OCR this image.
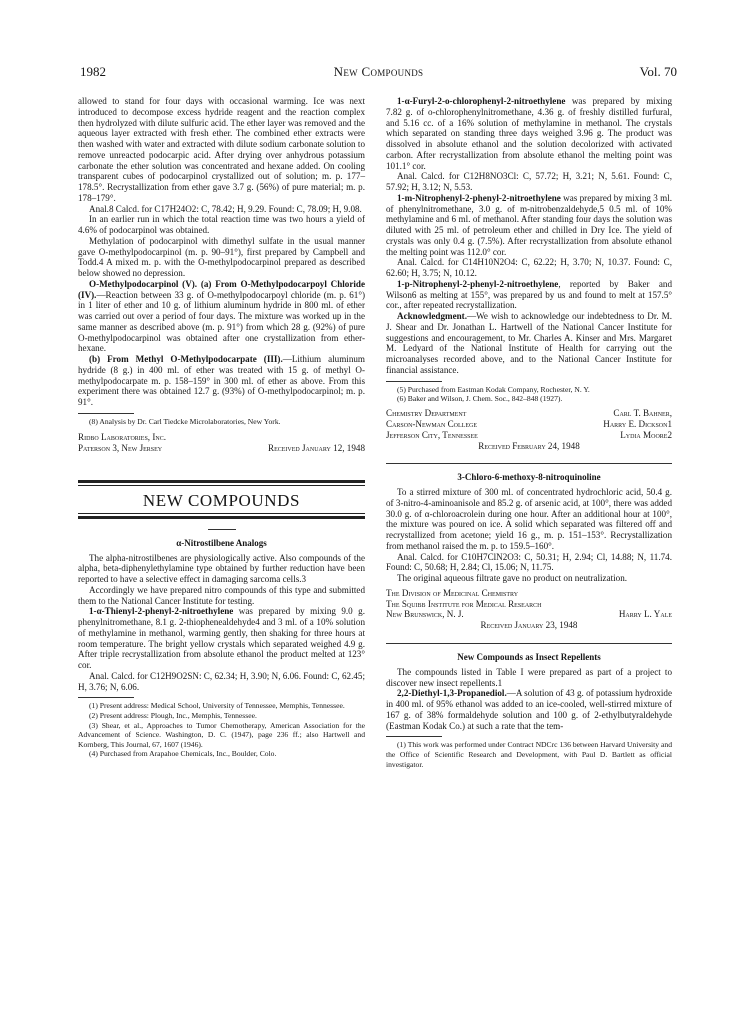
1982	New Compounds	Vol. 70

allowed to stand for four days with occasional warming. Ice was next introduced to decompose excess hydride reagent and the reaction complex then hydrolyzed with dilute sulfuric acid. The ether layer was removed and the aqueous layer extracted with fresh ether. The combined ether extracts were then washed with water and extracted with dilute sodium carbonate solution to remove unreacted podocarpic acid. After drying over anhydrous potassium carbonate the ether solution was concentrated and hexane added. On cooling transparent cubes of podocarpinol crystallized out of solution; m. p. 177–178.5°. Recrystallization from ether gave 3.7 g. (56%) of pure material; m. p. 178–179°.

Anal.8 Calcd. for C17H24O2: C, 78.42; H, 9.29. Found: C, 78.09; H, 9.08.

In an earlier run in which the total reaction time was two hours a yield of 4.6% of podocarpinol was obtained.

Methylation of podocarpinol with dimethyl sulfate in the usual manner gave O-methylpodocarpinol (m. p. 90–91°), first prepared by Campbell and Todd.4 A mixed m. p. with the O-methylpodocarpinol prepared as described below showed no depression.

O-Methylpodocarpinol (V). (a) From O-Methylpodocarpoyl Chloride (IV).—Reaction between 33 g. of O-methylpodocarpoyl chloride (m. p. 61°) in 1 liter of ether and 10 g. of lithium aluminum hydride in 800 ml. of ether was carried out over a period of four days. The mixture was worked up in the same manner as described above (m. p. 91°) from which 28 g. (92%) of pure O-methylpodocarpinol was obtained after one crystallization from ether-hexane.

(b) From Methyl O-Methylpodocarpate (III).—Lithium aluminum hydride (8 g.) in 400 ml. of ether was treated with 15 g. of methyl O-methylpodocarpate m. p. 158–159° in 300 ml. of ether as above. From this experiment there was obtained 12.7 g. (93%) of O-methylpodocarpinol; m. p. 91°.

(8) Analysis by Dr. Carl Tiedcke Microlaboratories, New York.

Ridbo Laboratories, Inc.

Paterson 3, New Jersey	Received January 12, 1948
NEW COMPOUNDS

α-Nitrostilbene Analogs

The alpha-nitrostilbenes are physiologically active. Also compounds of the alpha, beta-diphenylethylamine type obtained by further reduction have been reported to have a selective effect in damaging sarcoma cells.3

Accordingly we have prepared nitro compounds of this type and submitted them to the National Cancer Institute for testing.

1-α-Thienyl-2-phenyl-2-nitroethylene was prepared by mixing 9.0 g. phenylnitromethane, 8.1 g. 2-thiophenealdehyde4 and 3 ml. of a 10% solution of methylamine in methanol, warming gently, then shaking for three hours at room temperature. The bright yellow crystals which separated weighed 4.9 g. After triple recrystallization from absolute ethanol the product melted at 123° cor.

Anal. Calcd. for C12H9O2SN: C, 62.34; H, 3.90; N, 6.06. Found: C, 62.45; H, 3.76; N, 6.06.

(1) Present address: Medical School, University of Tennessee, Memphis, Tennessee.

(2) Present address: Plough, Inc., Memphis, Tennessee.

(3) Shear, et al., Approaches to Tumor Chemotherapy, American Association for the Advancement of Science. Washington, D. C. (1947), page 236 ff.; also Hartwell and Kornberg, This Journal, 67, 1607 (1946).

(4) Purchased from Arapahoe Chemicals, Inc., Boulder, Colo.

1-α-Furyl-2-o-chlorophenyl-2-nitroethylene was prepared by mixing 7.82 g. of o-chlorophenylnitromethane, 4.36 g. of freshly distilled furfural, and 5.16 cc. of a 16% solution of methylamine in methanol. The crystals which separated on standing three days weighed 3.96 g. The product was dissolved in absolute ethanol and the solution decolorized with activated carbon. After recrystallization from absolute ethanol the melting point was 101.1° cor.

Anal. Calcd. for C12H8NO3Cl: C, 57.72; H, 3.21; N, 5.61. Found: C, 57.92; H, 3.12; N, 5.53.

1-m-Nitrophenyl-2-phenyl-2-nitroethylene was prepared by mixing 3 ml. of phenylnitromethane, 3.0 g. of m-nitrobenzaldehyde,5 0.5 ml. of 10% methylamine and 6 ml. of methanol. After standing four days the solution was diluted with 25 ml. of petroleum ether and chilled in Dry Ice. The yield of crystals was only 0.4 g. (7.5%). After recrystallization from absolute ethanol the melting point was 112.0° cor.

Anal. Calcd. for C14H10N2O4: C, 62.22; H, 3.70; N, 10.37. Found: C, 62.60; H, 3.75; N, 10.12.

1-p-Nitrophenyl-2-phenyl-2-nitroethylene, reported by Baker and Wilson6 as melting at 155°, was prepared by us and found to melt at 157.5° cor., after repeated recrystallization.

Acknowledgment.—We wish to acknowledge our indebtedness to Dr. M. J. Shear and Dr. Jonathan L. Hartwell of the National Cancer Institute for suggestions and encouragement, to Mr. Charles A. Kinser and Mrs. Margaret M. Ledyard of the National Institute of Health for carrying out the microanalyses recorded above, and to the National Cancer Institute for financial assistance.

(5) Purchased from Eastman Kodak Company, Rochester, N. Y.

(6) Baker and Wilson, J. Chem. Soc., 842–848 (1927).

Chemistry Department	Carl T. Bahner,
Carson-Newman College	Harry E. Dickson1
Jefferson City, Tennessee	Lydia Moore2

Received February 24, 1948

3-Chloro-6-methoxy-8-nitroquinoline

To a stirred mixture of 300 ml. of concentrated hydrochloric acid, 50.4 g. of 3-nitro-4-aminoanisole and 85.2 g. of arsenic acid, at 100°, there was added 30.0 g. of α-chloroacrolein during one hour. After an additional hour at 100°, the mixture was poured on ice. A solid which separated was filtered off and recrystallized from acetone; yield 16 g., m. p. 151–153°. Recrystallization from methanol raised the m. p. to 159.5–160°.

Anal. Calcd. for C10H7ClN2O3: C, 50.31; H, 2.94; Cl, 14.88; N, 11.74. Found: C, 50.68; H, 2.84; Cl, 15.06; N, 11.75.

The original aqueous filtrate gave no product on neutralization.

The Division of Medicinal Chemistry

The Squibb Institute for Medical Research

New Brunswick, N. J.	Harry L. Yale

Received January 23, 1948

New Compounds as Insect Repellents

The compounds listed in Table I were prepared as part of a project to discover new insect repellents.1

2,2-Diethyl-1,3-Propanediol.—A solution of 43 g. of potassium hydroxide in 400 ml. of 95% ethanol was added to an ice-cooled, well-stirred mixture of 167 g. of 38% formaldehyde solution and 100 g. of 2-ethylbutyraldehyde (Eastman Kodak Co.) at such a rate that the tem-

(1) This work was performed under Contract NDCrc 136 between Harvard University and the Office of Scientific Research and Development, with Paul D. Bartlett as official investigator.
